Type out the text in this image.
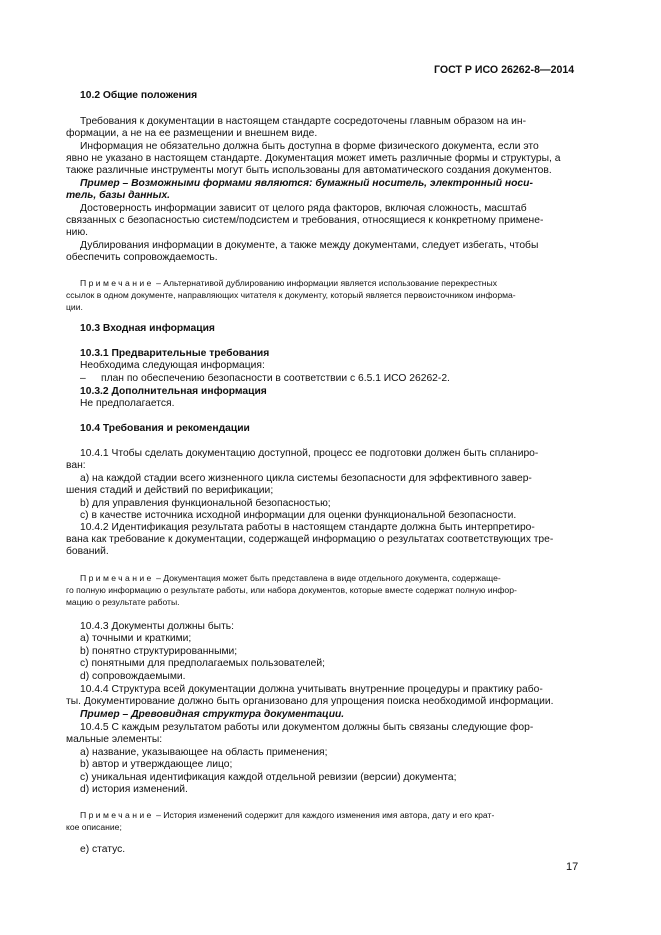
ГОСТ Р ИСО 26262-8—2014
10.2 Общие положения
Требования к документации в настоящем стандарте сосредоточены главным образом на ин-
формации, а не на ее размещении и внешнем виде.
Информация не обязательно должна быть доступна в форме физического документа, если это
явно не указано в настоящем стандарте. Документация может иметь различные формы и структуры, а
также различные инструменты могут быть использованы для автоматического создания документов.
Пример – Возможными формами являются: бумажный носитель, электронный носи-
тель, базы данных.
Достоверность информации зависит от целого ряда факторов, включая сложность, масштаб
связанных с безопасностью систем/подсистем и требования, относящиеся к конкретному примене-
нию.
Дублирования информации в документе, а также между документами, следует избегать, чтобы
обеспечить сопровождаемость.
Примечание – Альтернативой дублированию информации является использование перекрестных
ссылок в одном документе, направляющих читателя к документу, который является первоисточником информа-
ции.
10.3 Входная информация
10.3.1 Предварительные требования
Необходима следующая информация:
– план по обеспечению безопасности в соответствии с 6.5.1 ИСО 26262-2.
10.3.2 Дополнительная информация
Не предполагается.
10.4 Требования и рекомендации
10.4.1 Чтобы сделать документацию доступной, процесс ее подготовки должен быть спланиро-
ван:
а) на каждой стадии всего жизненного цикла системы безопасности для эффективного завер-
шения стадий и действий по верификации;
b) для управления функциональной безопасностью;
с) в качестве источника исходной информации для оценки функциональной безопасности.
10.4.2 Идентификация результата работы в настоящем стандарте должна быть интерпретиро-
вана как требование к документации, содержащей информацию о результатах соответствующих тре-
бований.
Примечание – Документация может быть представлена в виде отдельного документа, содержаще-
го полную информацию о результате работы, или набора документов, которые вместе содержат полную инфор-
мацию о результате работы.
10.4.3 Документы должны быть:
а) точными и краткими;
b) понятно структурированными;
с) понятными для предполагаемых пользователей;
d) сопровождаемыми.
10.4.4 Структура всей документации должна учитывать внутренние процедуры и практику рабо-
ты. Документирование должно быть организовано для упрощения поиска необходимой информации.
Пример – Древовидная структура документации.
10.4.5 С каждым результатом работы или документом должны быть связаны следующие фор-
мальные элементы:
а) название, указывающее на область применения;
b) автор и утверждающее лицо;
с) уникальная идентификация каждой отдельной ревизии (версии) документа;
d) история изменений.
Примечание – История изменений содержит для каждого изменения имя автора, дату и его крат-
кое описание;
е) статус.
17
